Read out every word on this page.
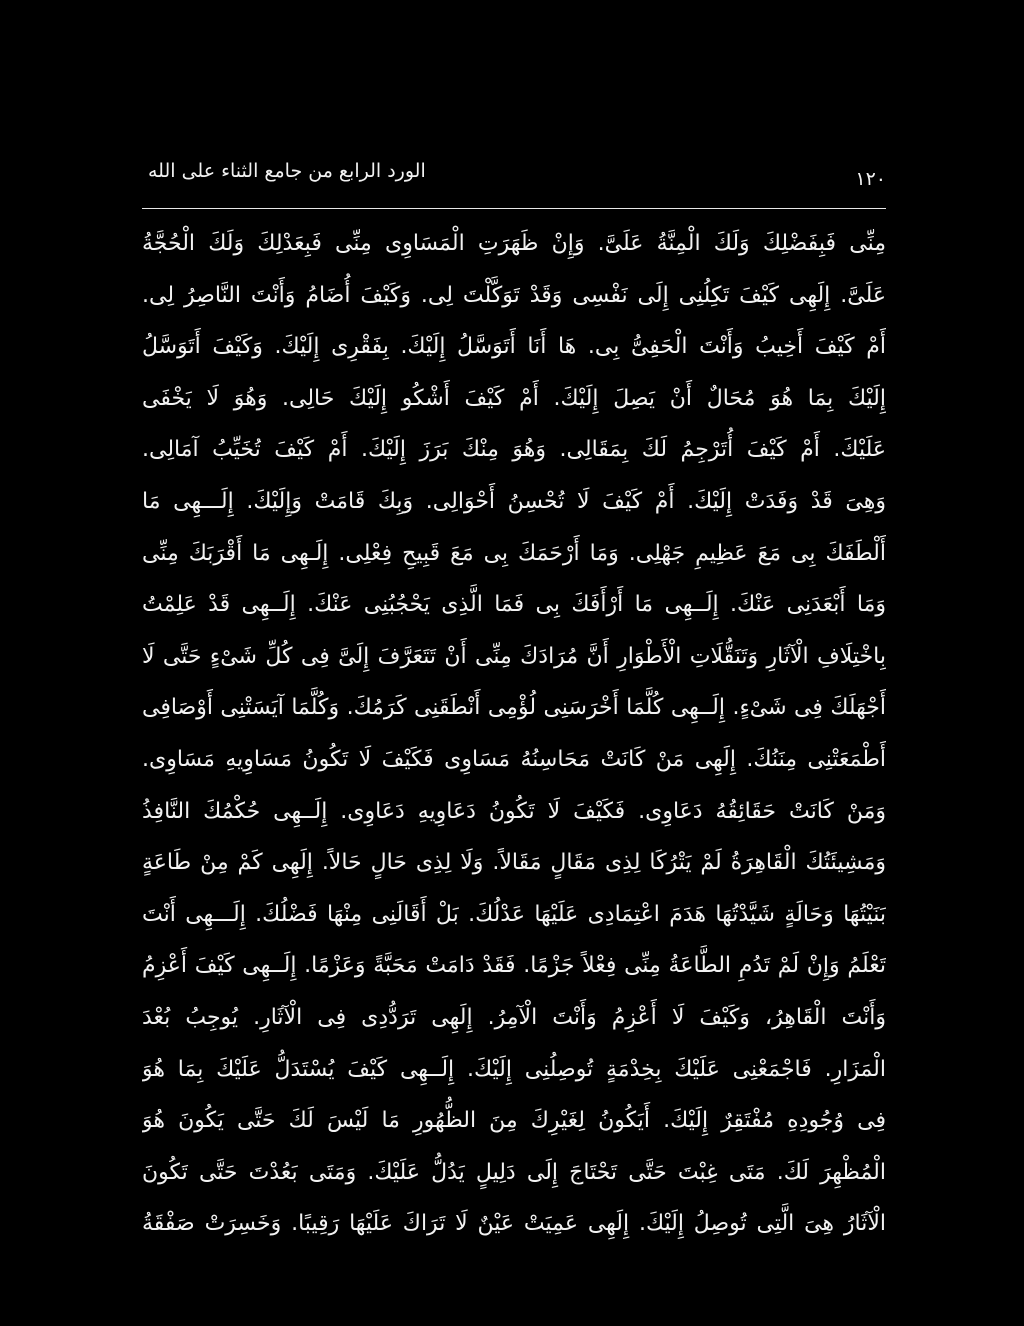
١٢٠
الورد الرابع من جامع الثناء على الله
مِنِّى فَبِفَضْلِكَ وَلَكَ الْمِنَّةُ عَلَىَّ. وَإِنْ ظَهَرَتِ الْمَسَاوِى مِنِّى فَبِعَدْلِكَ وَلَكَ الْحُجَّةُ
عَلَىَّ. إِلَهِى كَيْفَ تَكِلُنِى إِلَى نَفْسِى وَقَدْ تَوَكَّلْتَ لِى. وَكَيْفَ أُضَامُ وَأَنْتَ النَّاصِرُ لِى.
أَمْ كَيْفَ أَخِيبُ وَأَنْتَ الْحَفِىُّ بِى. هَا أَنَا أَتَوَسَّلُ إِلَيْكَ. بِفَقْرِى إِلَيْكَ. وَكَيْفَ أَتَوَسَّلُ
إِلَيْكَ بِمَا هُوَ مُحَالٌ أَنْ يَصِلَ إِلَيْكَ. أَمْ كَيْفَ أَشْكُو إِلَيْكَ حَالِى. وَهُوَ لَا يَخْفَى
عَلَيْكَ. أَمْ كَيْفَ أُتَرْجِمُ لَكَ بِمَقَالِى. وَهُوَ مِنْكَ بَرَزَ إِلَيْكَ. أَمْ كَيْفَ تُخَيِّبُ آمَالِى.
وَهِىَ قَدْ وَفَدَتْ إِلَيْكَ. أَمْ كَيْفَ لَا تُحْسِنُ أَحْوَالِى. وَبِكَ قَامَتْ وَإِلَيْكَ. إِلَـــهِى مَا
أَلْطَفَكَ بِى مَعَ عَظِيمِ جَهْلِى. وَمَا أَرْحَمَكَ بِى مَعَ قَبِيحِ فِعْلِى. إِلَـهِى مَا أَقْرَبَكَ مِنِّى
وَمَا أَبْعَدَنِى عَنْكَ. إِلَــهِى مَا أَرْأَفَكَ بِى فَمَا الَّذِى يَحْجُبُنِى عَنْكَ. إِلَــهِى قَدْ عَلِمْتُ
بِاخْتِلَافِ الْآثَارِ وَتَنَقُّلَاتِ الْأَطْوَارِ أَنَّ مُرَادَكَ مِنِّى أَنْ تَتَعَرَّفَ إِلَىَّ فِى كُلِّ شَىْءٍ حَتَّى لَا
أَجْهَلَكَ فِى شَىْءٍ. إِلَــهِى كُلَّمَا أَخْرَسَنِى لُؤْمِى أَنْطَقَنِى كَرَمُكَ. وَكُلَّمَا آيَسَتْنِى أَوْصَافِى
أَطْمَعَتْنِى مِنَنُكَ. إِلَهِى مَنْ كَانَتْ مَحَاسِنُهُ مَسَاوِى فَكَيْفَ لَا تَكُونُ مَسَاوِيهِ مَسَاوِى.
وَمَنْ كَانَتْ حَقَائِقُهُ دَعَاوِى. فَكَيْفَ لَا تَكُونُ دَعَاوِيهِ دَعَاوِى. إِلَــهِى حُكْمُكَ النَّافِذُ
وَمَشِيئَتُكَ الْقَاهِرَةُ لَمْ يَتْرُكَا لِذِى مَقَالٍ مَقَالاً. وَلَا لِذِى حَالٍ حَالاً. إِلَهِى كَمْ مِنْ طَاعَةٍ
بَنَيْتُهَا وَحَالَةٍ شَيَّدْتُهَا هَدَمَ اعْتِمَادِى عَلَيْهَا عَدْلُكَ. بَلْ أَقَالَنِى مِنْهَا فَضْلُكَ. إِلَـــهِى أَنْتَ
تَعْلَمُ وَإِنْ لَمْ تَدُمِ الطَّاعَةُ مِنِّى فِعْلاً جَزْمًا. فَقَدْ دَامَتْ مَحَبَّةً وَعَزْمًا. إِلَــهِى كَيْفَ أَعْزِمُ
وَأَنْتَ الْقَاهِرُ، وَكَيْفَ لَا أَعْزِمُ وَأَنْتَ الْآمِرُ. إِلَهِى تَرَدُّدِى فِى الْآثَارِ. يُوجِبُ بُعْدَ
الْمَزَارِ. فَاجْمَعْنِى عَلَيْكَ بِخِدْمَةٍ تُوصِلُنِى إِلَيْكَ. إِلَــهِى كَيْفَ يُسْتَدَلُّ عَلَيْكَ بِمَا هُوَ
فِى وُجُودِهِ مُفْتَقِرٌ إِلَيْكَ. أَيَكُونُ لِغَيْرِكَ مِنَ الظُّهُورِ مَا لَيْسَ لَكَ حَتَّى يَكُونَ هُوَ
الْمُظْهِرَ لَكَ. مَتَى غِبْتَ حَتَّى تَحْتَاجَ إِلَى دَلِيلٍ يَدُلُّ عَلَيْكَ. وَمَتَى بَعُدْتَ حَتَّى تَكُونَ
الْآثَارُ هِىَ الَّتِى تُوصِلُ إِلَيْكَ. إِلَهِى عَمِيَتْ عَيْنٌ لَا تَرَاكَ عَلَيْهَا رَقِيبًا. وَخَسِرَتْ صَفْقَةُ
